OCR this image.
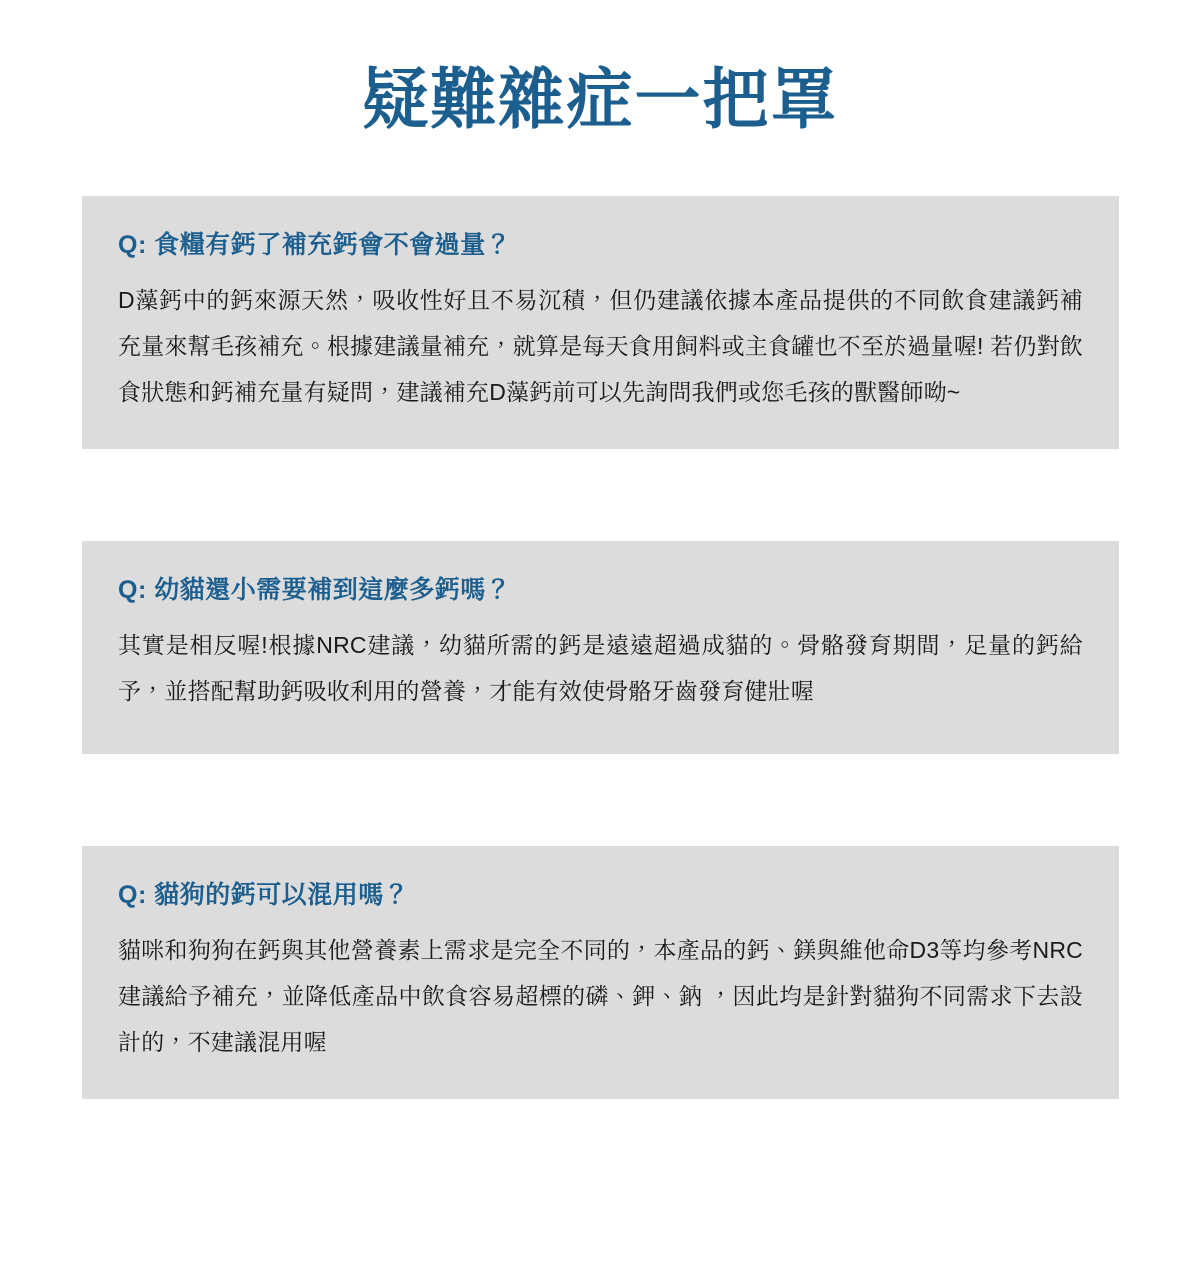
疑難雜症一把罩
Q: 食糧有鈣了補充鈣會不會過量？
D藻鈣中的鈣來源天然，吸收性好且不易沉積，但仍建議依據本產品提供的不同飲食建議鈣補充量來幫毛孩補充。根據建議量補充，就算是每天食用飼料或主食罐也不至於過量喔! 若仍對飲食狀態和鈣補充量有疑問，建議補充D藻鈣前可以先詢問我們或您毛孩的獸醫師呦~
Q: 幼貓還小需要補到這麼多鈣嗎？
其實是相反喔!根據NRC建議，幼貓所需的鈣是遠遠超過成貓的。骨骼發育期間，足量的鈣給予，並搭配幫助鈣吸收利用的營養，才能有效使骨骼牙齒發育健壯喔
Q: 貓狗的鈣可以混用嗎？
貓咪和狗狗在鈣與其他營養素上需求是完全不同的，本產品的鈣、鎂與維他命D3等均參考NRC建議給予補充，並降低產品中飲食容易超標的磷、鉀、鈉 ，因此均是針對貓狗不同需求下去設計的，不建議混用喔
